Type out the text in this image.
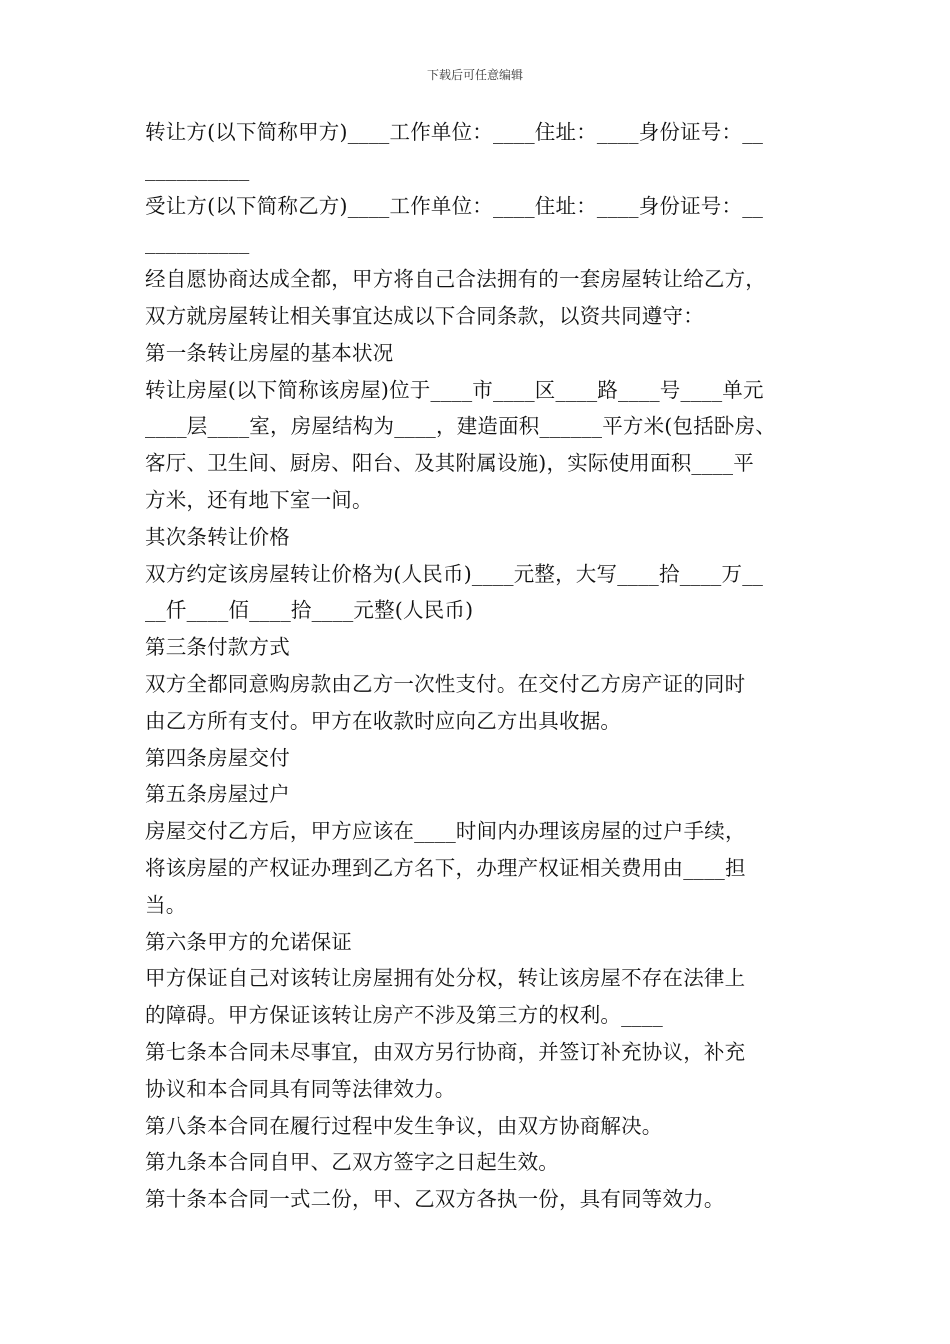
下载后可任意编辑
转让方(以下简称甲方)____工作单位：____住址：____身份证号：__
__________
受让方(以下简称乙方)____工作单位：____住址：____身份证号：__
__________
经自愿协商达成全都，甲方将自己合法拥有的一套房屋转让给乙方，
双方就房屋转让相关事宜达成以下合同条款，以资共同遵守：
第一条转让房屋的基本状况
转让房屋(以下简称该房屋)位于____市____区____路____号____单元
____层____室，房屋结构为____，建造面积______平方米(包括卧房、
客厅、卫生间、厨房、阳台、及其附属设施)，实际使用面积____平
方米，还有地下室一间。
其次条转让价格
双方约定该房屋转让价格为(人民币)____元整，大写____拾____万__
__仟____佰____拾____元整(人民币)
第三条付款方式
双方全都同意购房款由乙方一次性支付。在交付乙方房产证的同时
由乙方所有支付。甲方在收款时应向乙方出具收据。
第四条房屋交付
第五条房屋过户
房屋交付乙方后，甲方应该在____时间内办理该房屋的过户手续，
将该房屋的产权证办理到乙方名下，办理产权证相关费用由____担
当。
第六条甲方的允诺保证
甲方保证自己对该转让房屋拥有处分权，转让该房屋不存在法律上
的障碍。甲方保证该转让房产不涉及第三方的权利。____
第七条本合同未尽事宜，由双方另行协商，并签订补充协议，补充
协议和本合同具有同等法律效力。
第八条本合同在履行过程中发生争议，由双方协商解决。
第九条本合同自甲、乙双方签字之日起生效。
第十条本合同一式二份，甲、乙双方各执一份，具有同等效力。
